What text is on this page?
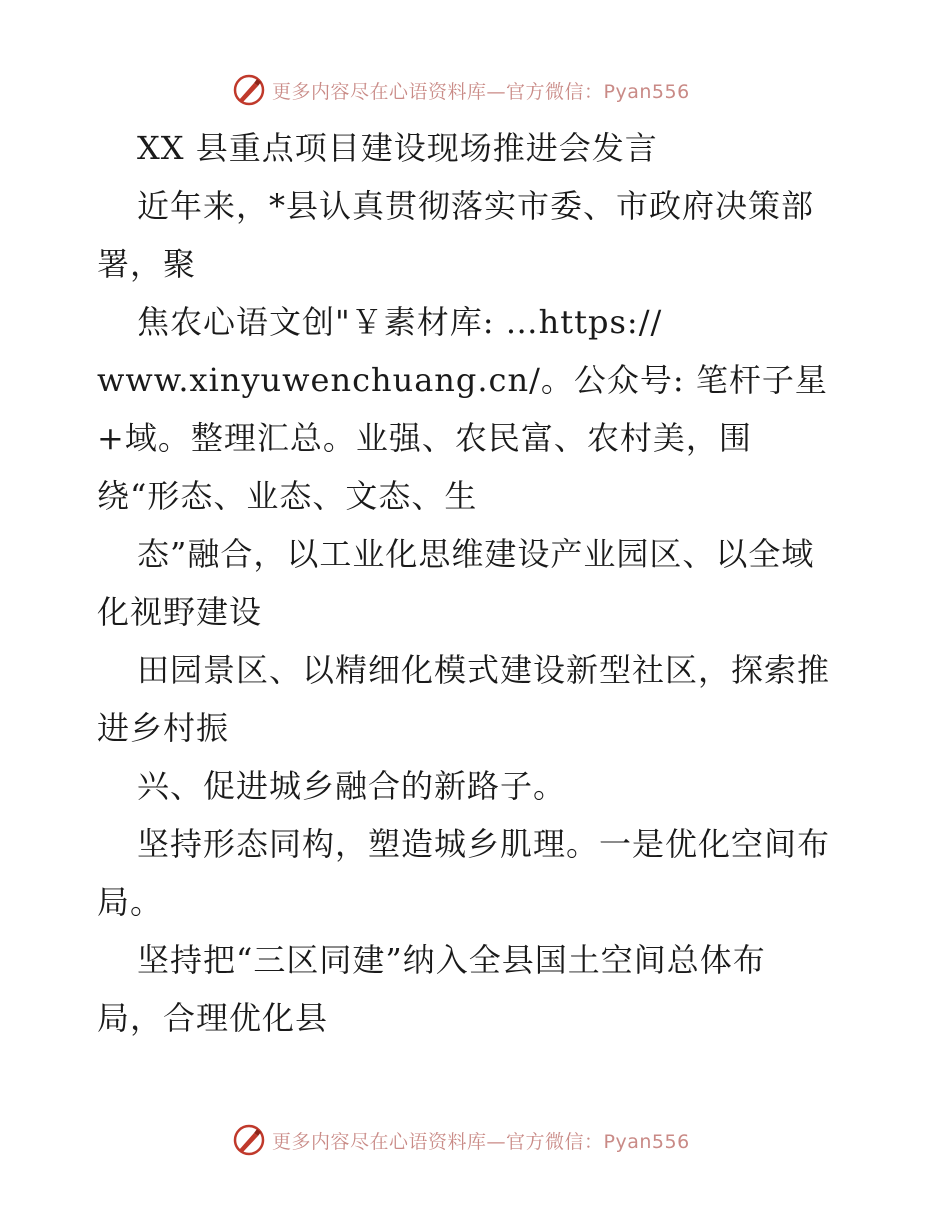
更多内容尽在心语资料库—官方微信：Pyan556
XX 县重点项目建设现场推进会发言
近年来，*县认真贯彻落实市委、市政府决策部
署，聚
焦农心语文创"￥素材库: …https://
www.xinyuwenchuang.cn/。公众号: 笔杆子星
+域。整理汇总。业强、农民富、农村美，围
绕“形态、业态、文态、生
态”融合，以工业化思维建设产业园区、以全域
化视野建设
田园景区、以精细化模式建设新型社区，探索推
进乡村振
兴、促进城乡融合的新路子。
坚持形态同构，塑造城乡肌理。一是优化空间布
局。
坚持把“三区同建”纳入全县国土空间总体布
局，合理优化县
更多内容尽在心语资料库—官方微信：Pyan556
